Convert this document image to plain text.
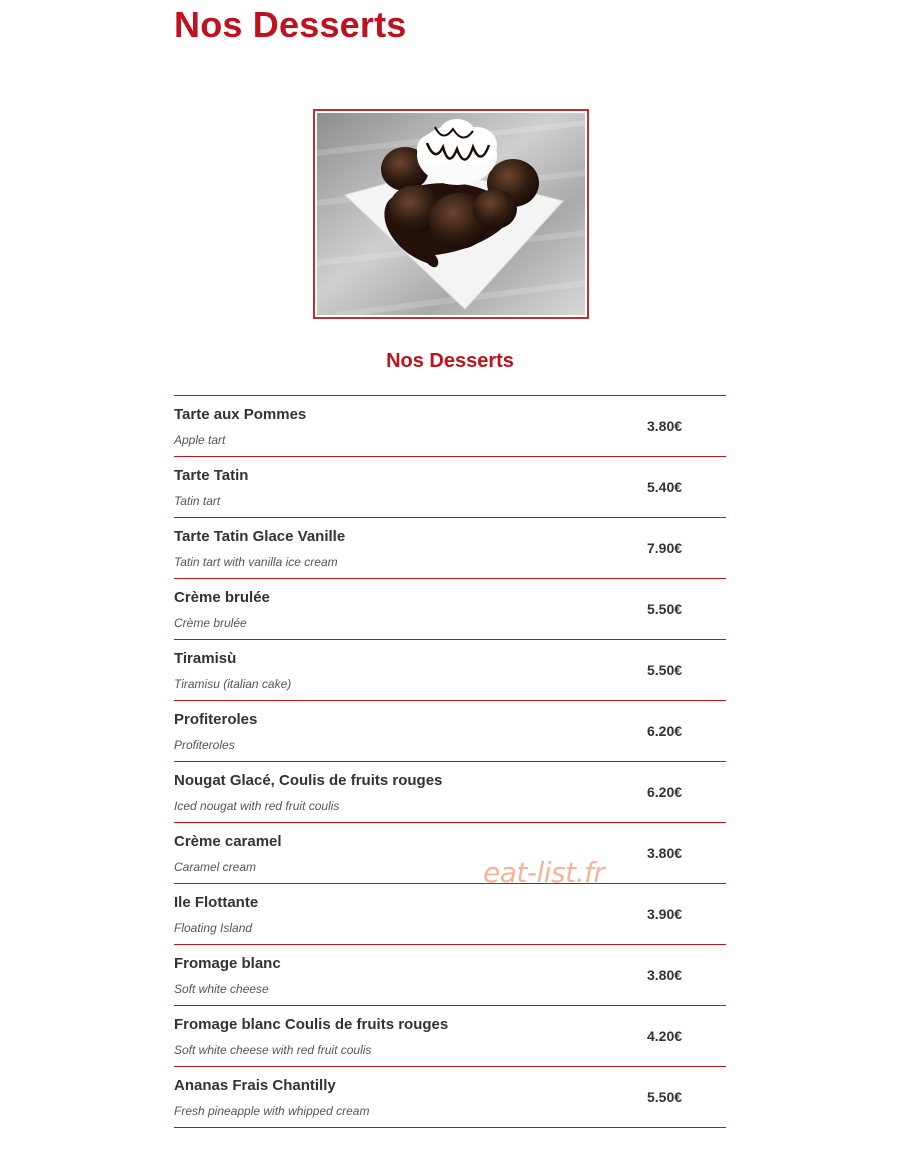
Nos Desserts
Nos Desserts
Tarte aux Pommes
Apple tart
3.80€
Tarte Tatin
Tatin tart
5.40€
Tarte Tatin Glace Vanille
Tatin tart with vanilla ice cream
7.90€
Crème brulée
Crème brulée
5.50€
Tiramisù
Tiramisu (italian cake)
5.50€
Profiteroles
Profiteroles
6.20€
Nougat Glacé, Coulis de fruits rouges
Iced nougat with red fruit coulis
6.20€
Crème caramel
Caramel cream
3.80€
Ile Flottante
Floating Island
3.90€
Fromage blanc
Soft white cheese
3.80€
Fromage blanc Coulis de fruits rouges
Soft white cheese with red fruit coulis
4.20€
Ananas Frais Chantilly
Fresh pineapple with whipped cream
5.50€
eat-list.fr
